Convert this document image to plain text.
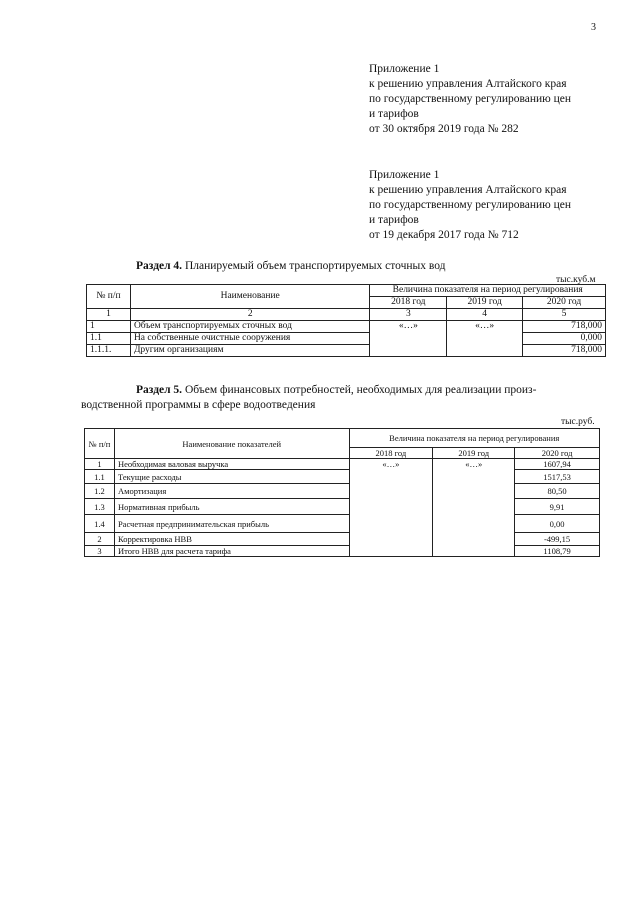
3
Приложение 1
к решению управления Алтайского края
по государственному регулированию цен
и тарифов
от 30 октября 2019 года № 282
Приложение 1
к решению управления Алтайского края
по государственному регулированию цен
и тарифов
от 19 декабря 2017 года № 712
Раздел 4. Планируемый объем транспортируемых сточных вод
тыс.куб.м
№ п/п	Наименование	Величина показателя на период регулирования		
		2018 год	2019 год	2020 год
1	2	3	4	5
1	Объем транспортируемых сточных вод	«…»	«…»	718,000
1.1	На собственные очистные сооружения			0,000
1.1.1.	Другим организациям			718,000
Раздел 5. Объем финансовых потребностей, необходимых для реализации произ-
водственной программы в сфере водоотведения
тыс.руб.
№ п/п	Наименование показателей	Величина показателя на период регулирования		
		2018 год	2019 год	2020 год
1	Необходимая валовая выручка	«…»	«…»	1607,94
1.1	Текущие расходы			1517,53
1.2	Амортизация			80,50
1.3	Нормативная прибыль			9,91
1.4	Расчетная предпринимательская прибыль			0,00
2	Корректировка НВВ			-499,15
3	Итого НВВ для расчета тарифа			1108,79
